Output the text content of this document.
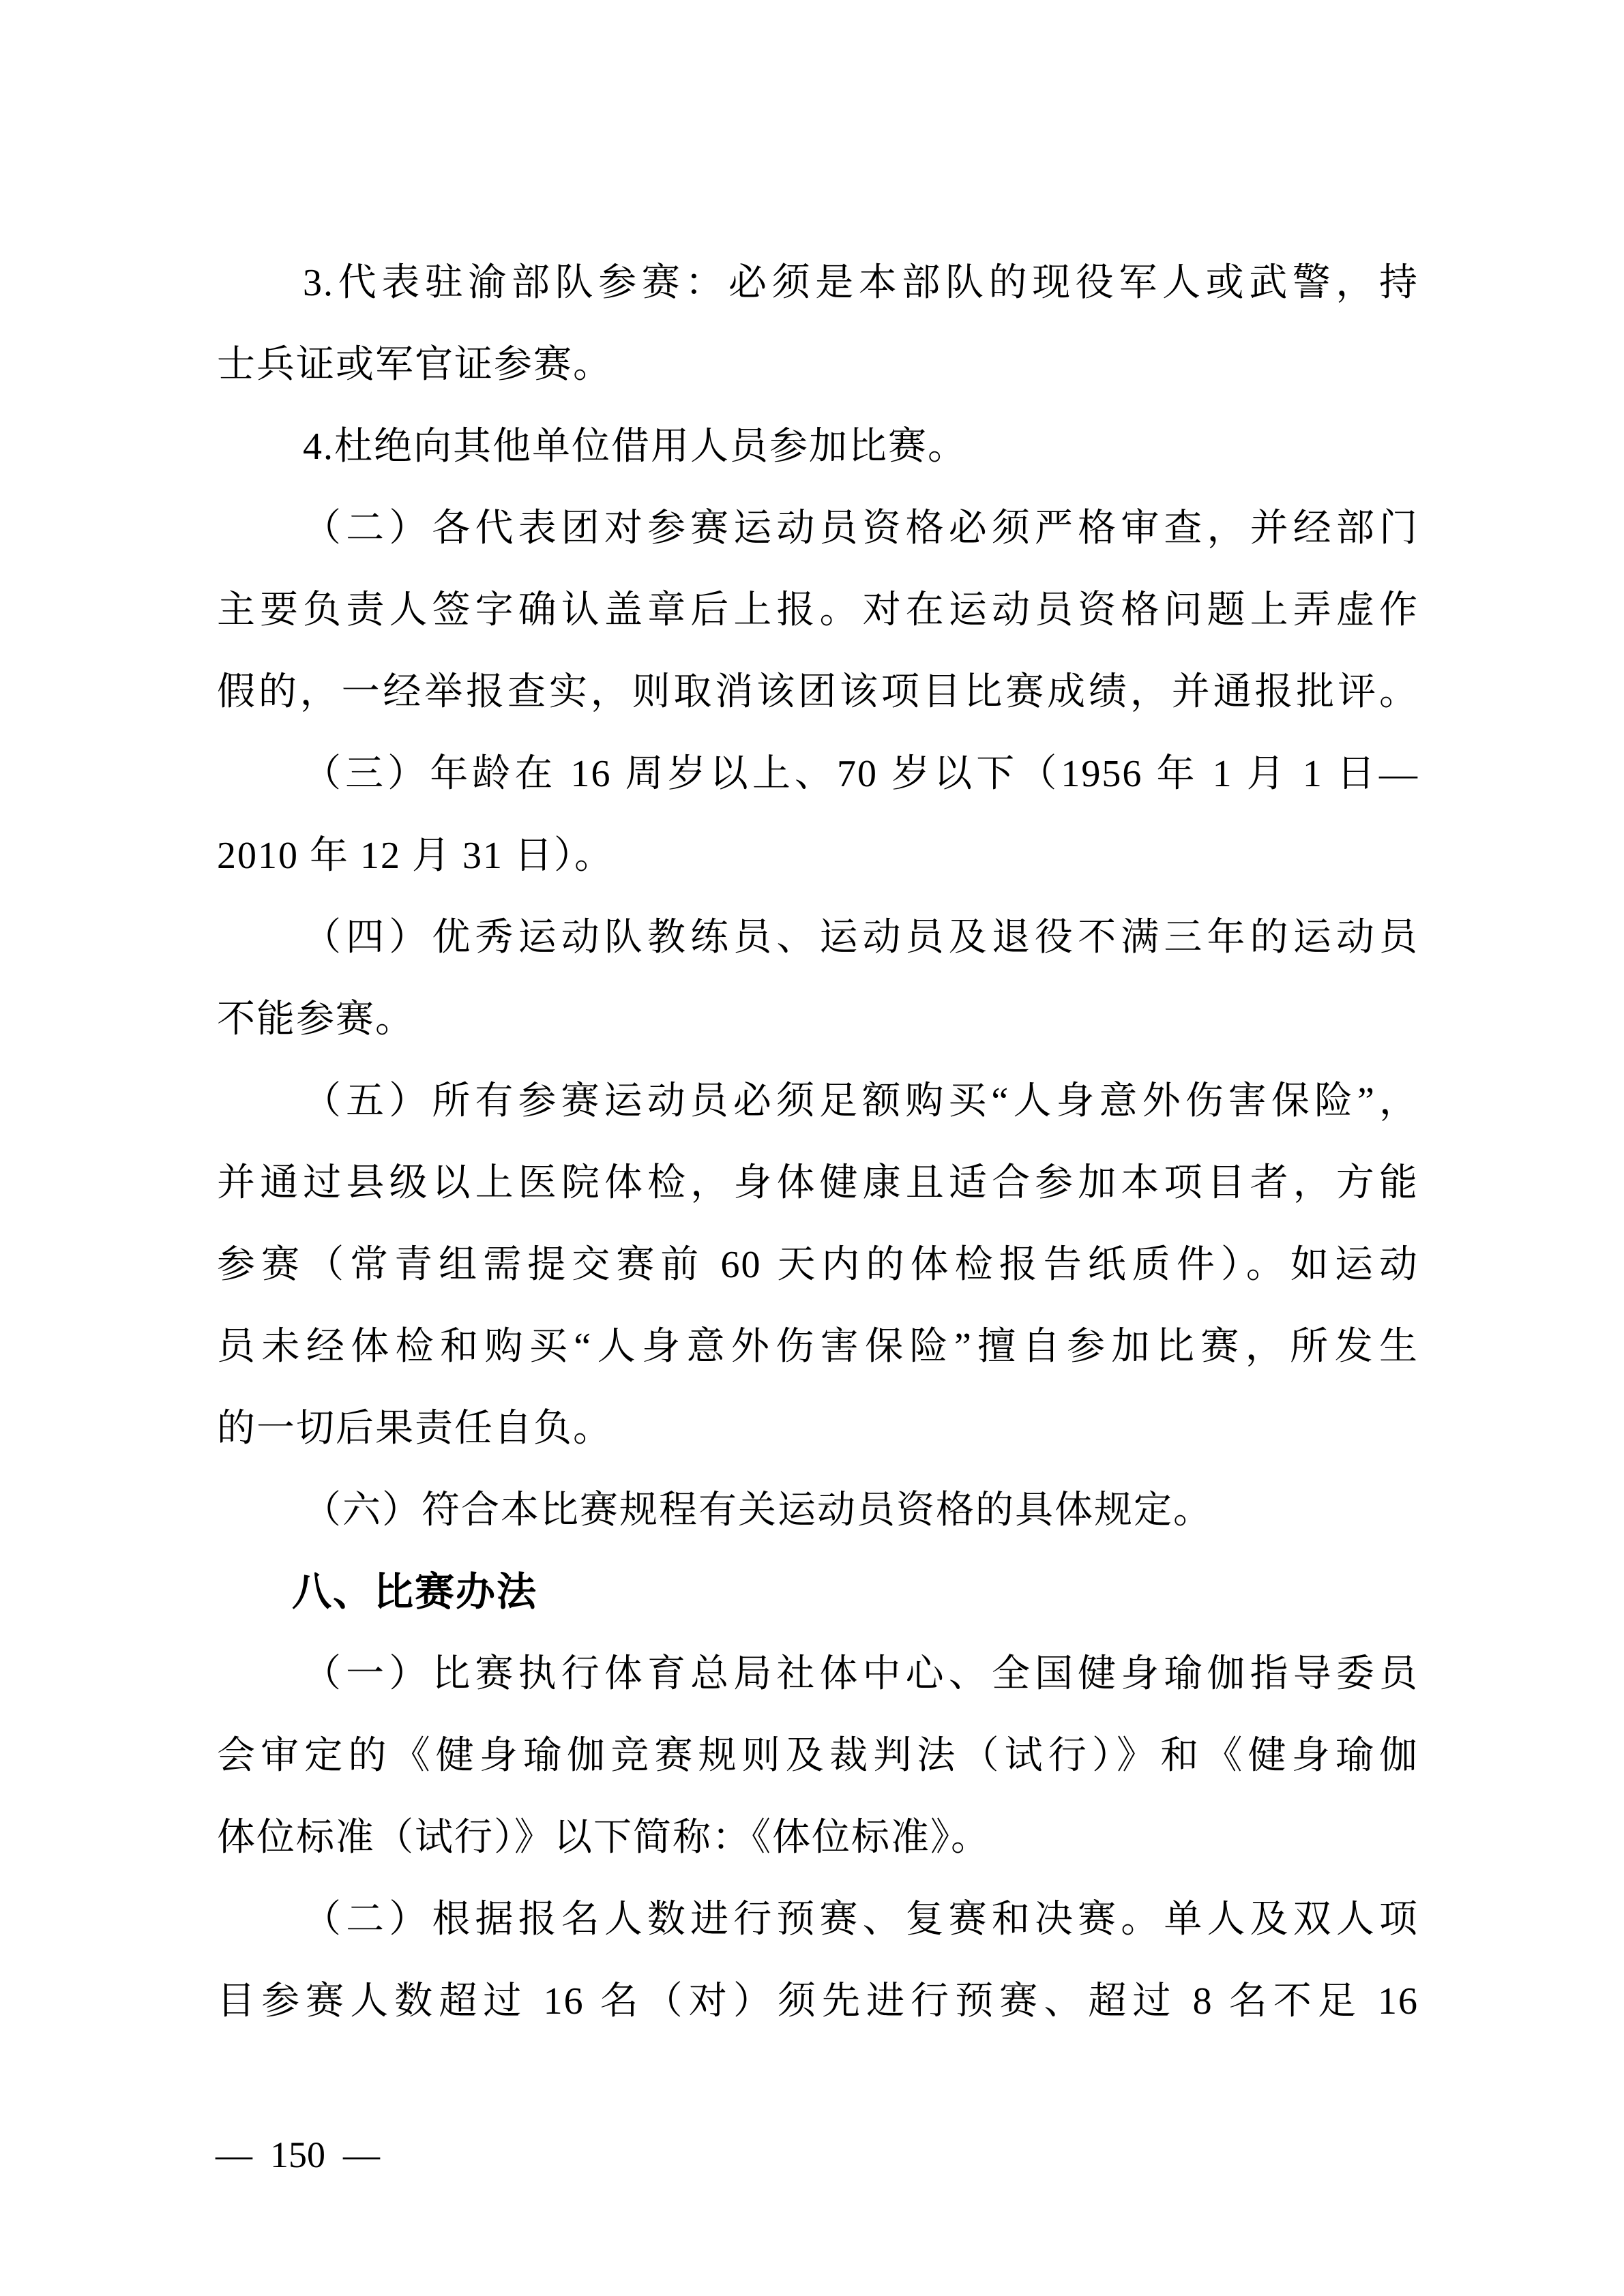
3.代表驻渝部队参赛：必须是本部队的现役军人或武警，持
士兵证或军官证参赛。
4.杜绝向其他单位借用人员参加比赛。
（二）各代表团对参赛运动员资格必须严格审查，并经部门
主要负责人签字确认盖章后上报。对在运动员资格问题上弄虚作
假的，一经举报查实，则取消该团该项目比赛成绩，并通报批评。
（三）年龄在 16 周岁以上、70 岁以下（1956 年 1 月 1 日—
2010 年 12 月 31 日）。
（四）优秀运动队教练员、运动员及退役不满三年的运动员
不能参赛。
（五）所有参赛运动员必须足额购买“人身意外伤害保险”，
并通过县级以上医院体检，身体健康且适合参加本项目者，方能
参赛（常青组需提交赛前 60 天内的体检报告纸质件）。如运动
员未经体检和购买“人身意外伤害保险”擅自参加比赛，所发生
的一切后果责任自负。
（六）符合本比赛规程有关运动员资格的具体规定。
八、比赛办法
（一）比赛执行体育总局社体中心、全国健身瑜伽指导委员
会审定的《健身瑜伽竞赛规则及裁判法（试行）》和《健身瑜伽
体位标准（试行）》以下简称：《体位标准》。
（二）根据报名人数进行预赛、复赛和决赛。单人及双人项
目参赛人数超过 16 名（对）须先进行预赛、超过 8 名不足 16
— 150 —
